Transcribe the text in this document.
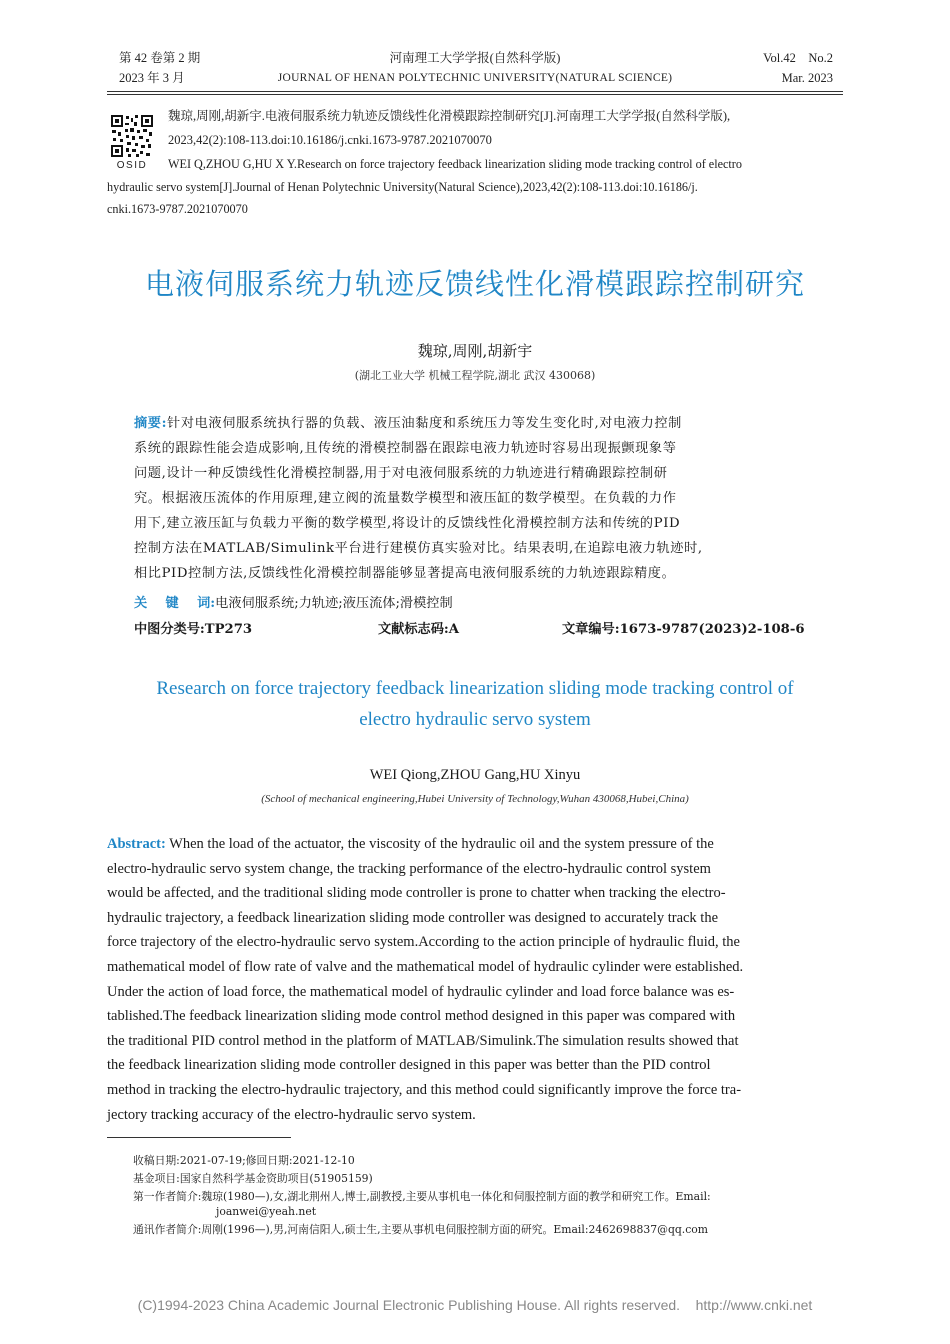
第 42 卷第 2 期
2023 年 3 月
河南理工大学学报(自然科学版)
JOURNAL OF HENAN POLYTECHNIC UNIVERSITY(NATURAL SCIENCE)
Vol.42    No.2
Mar. 2023
OSID
魏琼,周刚,胡新宇.电液伺服系统力轨迹反馈线性化滑模跟踪控制研究[J].河南理工大学学报(自然科学版),
2023,42(2):108-113.doi:10.16186/j.cnki.1673-9787.2021070070
WEI Q,ZHOU G,HU X Y.Research on force trajectory feedback linearization sliding mode tracking control of electro
hydraulic servo system[J].Journal of Henan Polytechnic University(Natural Science),2023,42(2):108-113.doi:10.16186/j.
cnki.1673-9787.2021070070
电液伺服系统力轨迹反馈线性化滑模跟踪控制研究
魏琼,周刚,胡新宇
(湖北工业大学 机械工程学院,湖北 武汉 430068)
摘要:针对电液伺服系统执行器的负载、液压油黏度和系统压力等发生变化时,对电液力控制
系统的跟踪性能会造成影响,且传统的滑模控制器在跟踪电液力轨迹时容易出现振颤现象等
问题,设计一种反馈线性化滑模控制器,用于对电液伺服系统的力轨迹进行精确跟踪控制研
究。根据液压流体的作用原理,建立阀的流量数学模型和液压缸的数学模型。在负载的力作
用下,建立液压缸与负载力平衡的数学模型,将设计的反馈线性化滑模控制方法和传统的PID
控制方法在MATLAB/Simulink平台进行建模仿真实验对比。结果表明,在追踪电液力轨迹时,
相比PID控制方法,反馈线性化滑模控制器能够显著提高电液伺服系统的力轨迹跟踪精度。
关    键    词:电液伺服系统;力轨迹;液压流体;滑模控制
中图分类号:TP273	文献标志码:A	文章编号:1673-9787(2023)2-108-6
Research on force trajectory feedback linearization sliding mode tracking control of
electro hydraulic servo system
WEI Qiong,ZHOU Gang,HU Xinyu
(School of mechanical engineering,Hubei University of Technology,Wuhan 430068,Hubei,China)
Abstract: When the load of the actuator, the viscosity of the hydraulic oil and the system pressure of the
electro-hydraulic servo system change, the tracking performance of the electro-hydraulic control system
would be affected, and the traditional sliding mode controller is prone to chatter when tracking the electro-
hydraulic trajectory, a feedback linearization sliding mode controller was designed to accurately track the
force trajectory of the electro-hydraulic servo system.According to the action principle of hydraulic fluid, the
mathematical model of flow rate of valve and the mathematical model of hydraulic cylinder were established.
Under the action of load force, the mathematical model of hydraulic cylinder and load force balance was es-
tablished.The feedback linearization sliding mode control method designed in this paper was compared with
the traditional PID control method in the platform of MATLAB/Simulink.The simulation results showed that
the feedback linearization sliding mode controller designed in this paper was better than the PID control
method in tracking the electro-hydraulic trajectory, and this method could significantly improve the force tra-
jectory tracking accuracy of the electro-hydraulic servo system.
收稿日期:2021-07-19;修回日期:2021-12-10
基金项目:国家自然科学基金资助项目(51905159)
第一作者简介:魏琼(1980—),女,湖北荆州人,博士,副教授,主要从事机电一体化和伺服控制方面的教学和研究工作。Email:
joanwei@yeah.net
通讯作者简介:周刚(1996—),男,河南信阳人,硕士生,主要从事机电伺服控制方面的研究。Email:2462698837@qq.com
(C)1994-2023 China Academic Journal Electronic Publishing House. All rights reserved.    http://www.cnki.net
